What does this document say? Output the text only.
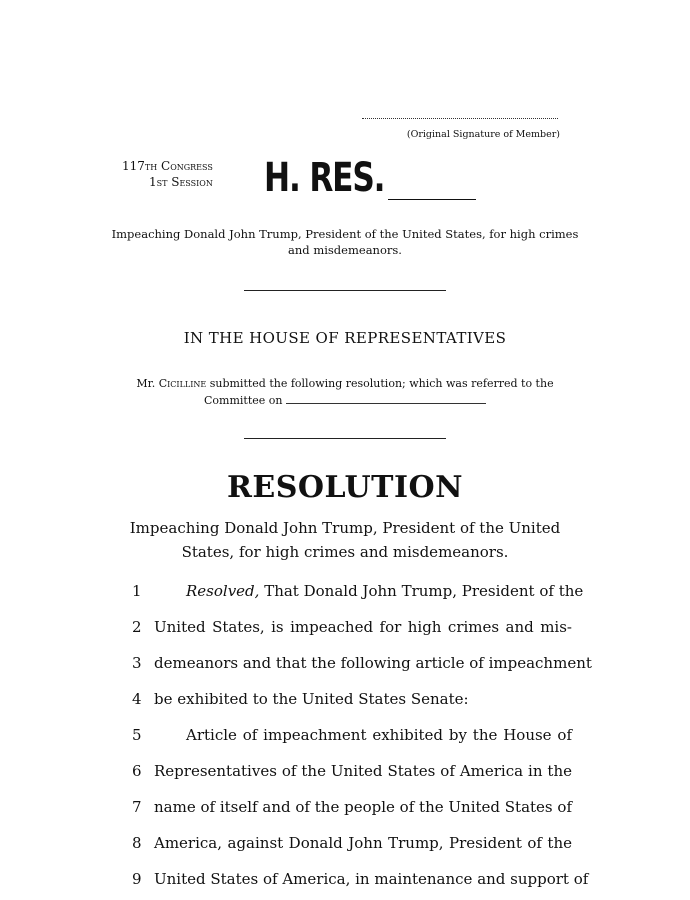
(Original Signature of Member)
117th Congress
1st Session H. RES.
Impeaching Donald John Trump, President of the United States, for high crimes and misdemeanors.
IN THE HOUSE OF REPRESENTATIVES
Mr. Cicilline submitted the following resolution; which was referred to the Committee on
RESOLUTION
Impeaching Donald John Trump, President of the United
States, for high crimes and misdemeanors.
1	Resolved, That Donald John Trump, President of the
2 United States, is impeached for high crimes and mis-
3 demeanors and that the following article of impeachment
4 be exhibited to the United States Senate:
5	Article of impeachment exhibited by the House of
6 Representatives of the United States of America in the
7 name of itself and of the people of the United States of
8 America, against Donald John Trump, President of the
9 United States of America, in maintenance and support of
